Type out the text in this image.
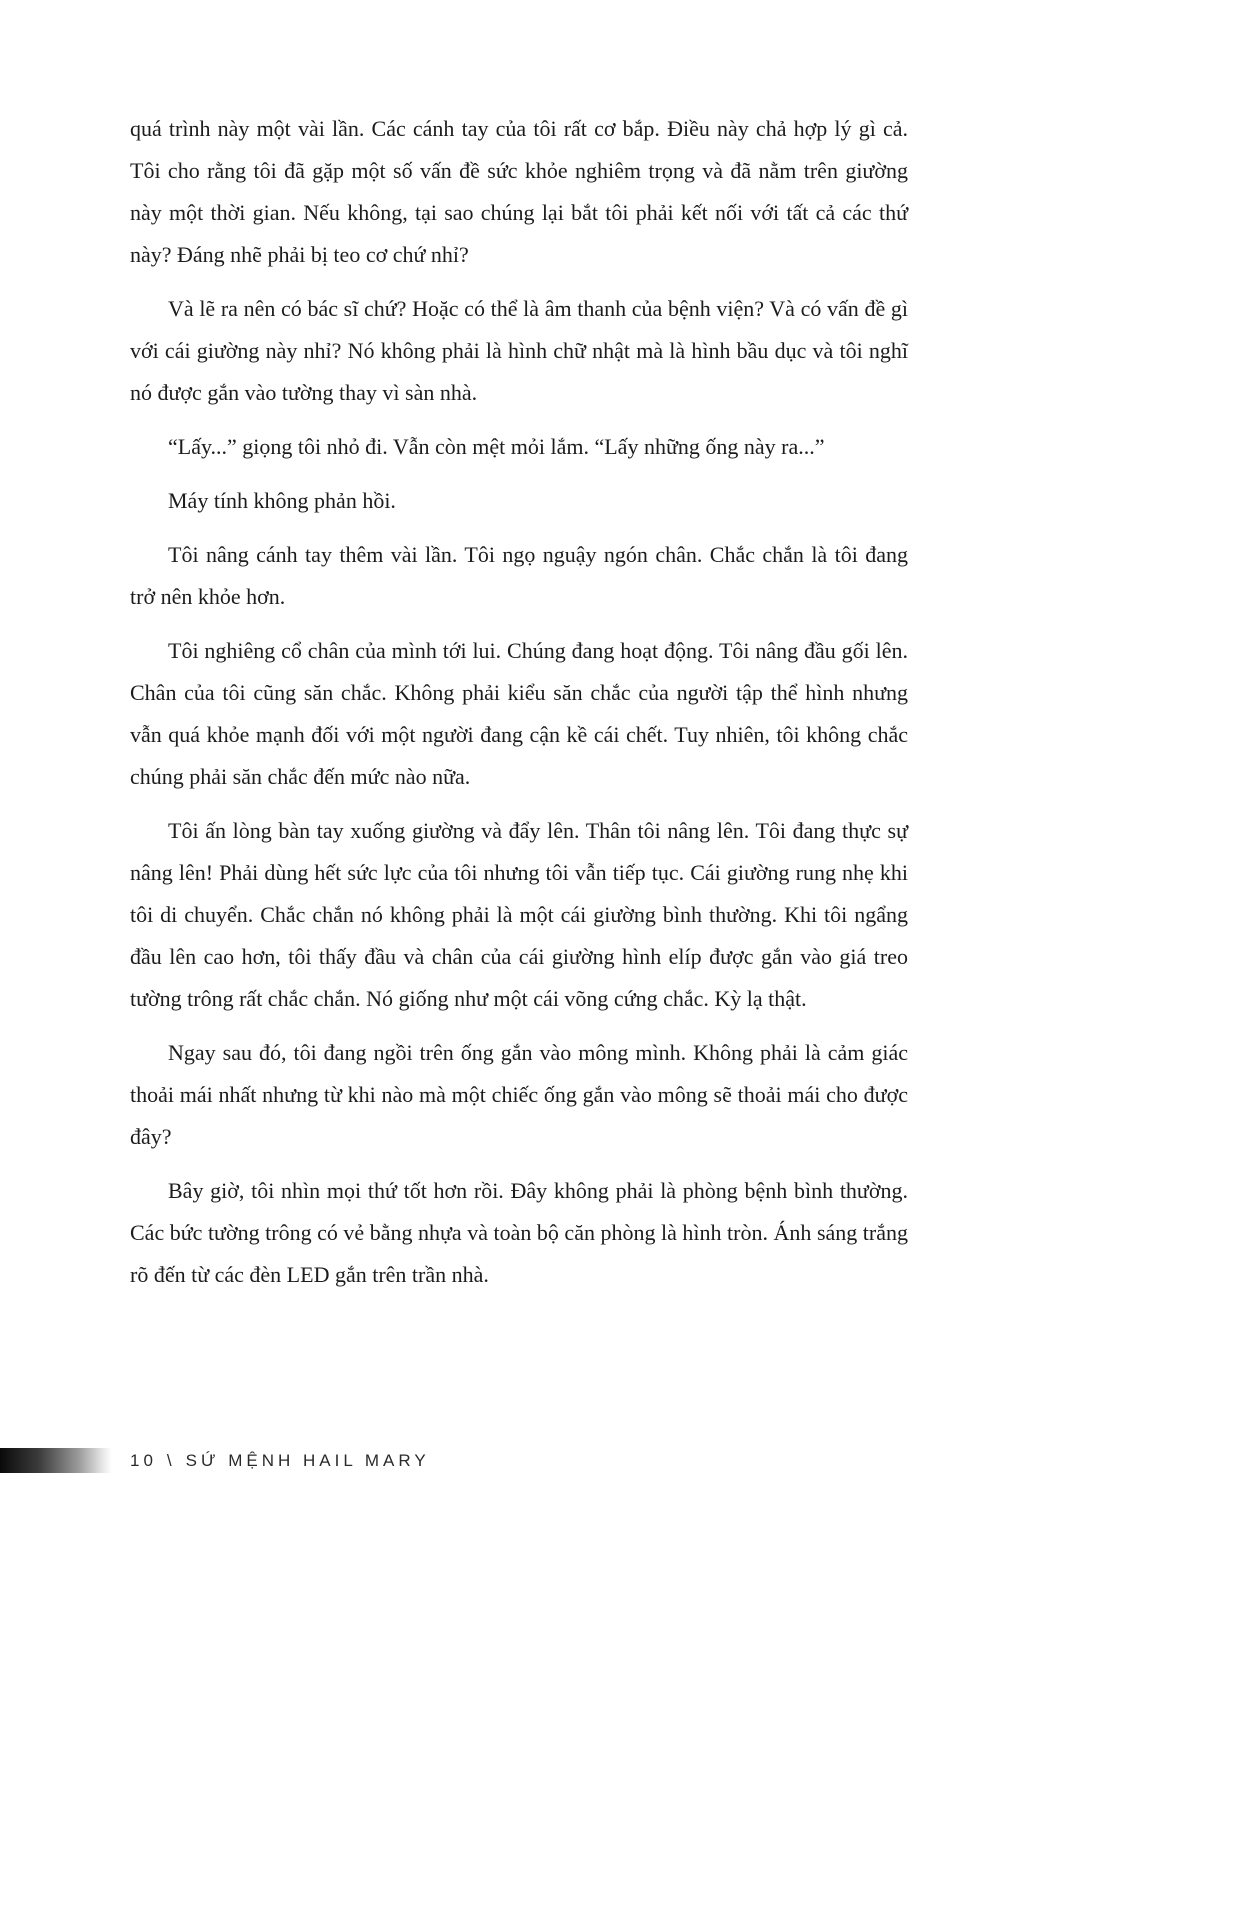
quá trình này một vài lần. Các cánh tay của tôi rất cơ bắp. Điều này chả hợp lý gì cả. Tôi cho rằng tôi đã gặp một số vấn đề sức khỏe nghiêm trọng và đã nằm trên giường này một thời gian. Nếu không, tại sao chúng lại bắt tôi phải kết nối với tất cả các thứ này? Đáng nhẽ phải bị teo cơ chứ nhỉ?

Và lẽ ra nên có bác sĩ chứ? Hoặc có thể là âm thanh của bệnh viện? Và có vấn đề gì với cái giường này nhỉ? Nó không phải là hình chữ nhật mà là hình bầu dục và tôi nghĩ nó được gắn vào tường thay vì sàn nhà.

“Lấy...” giọng tôi nhỏ đi. Vẫn còn mệt mỏi lắm. “Lấy những ống này ra...”

Máy tính không phản hồi.

Tôi nâng cánh tay thêm vài lần. Tôi ngọ nguậy ngón chân. Chắc chắn là tôi đang trở nên khỏe hơn.

Tôi nghiêng cổ chân của mình tới lui. Chúng đang hoạt động. Tôi nâng đầu gối lên. Chân của tôi cũng săn chắc. Không phải kiểu săn chắc của người tập thể hình nhưng vẫn quá khỏe mạnh đối với một người đang cận kề cái chết. Tuy nhiên, tôi không chắc chúng phải săn chắc đến mức nào nữa.

Tôi ấn lòng bàn tay xuống giường và đẩy lên. Thân tôi nâng lên. Tôi đang thực sự nâng lên! Phải dùng hết sức lực của tôi nhưng tôi vẫn tiếp tục. Cái giường rung nhẹ khi tôi di chuyển. Chắc chắn nó không phải là một cái giường bình thường. Khi tôi ngẩng đầu lên cao hơn, tôi thấy đầu và chân của cái giường hình elíp được gắn vào giá treo tường trông rất chắc chắn. Nó giống như một cái võng cứng chắc. Kỳ lạ thật.

Ngay sau đó, tôi đang ngồi trên ống gắn vào mông mình. Không phải là cảm giác thoải mái nhất nhưng từ khi nào mà một chiếc ống gắn vào mông sẽ thoải mái cho được đây?

Bây giờ, tôi nhìn mọi thứ tốt hơn rồi. Đây không phải là phòng bệnh bình thường. Các bức tường trông có vẻ bằng nhựa và toàn bộ căn phòng là hình tròn. Ánh sáng trắng rõ đến từ các đèn LED gắn trên trần nhà.

10 \ SỨ MỆNH HAIL MARY
